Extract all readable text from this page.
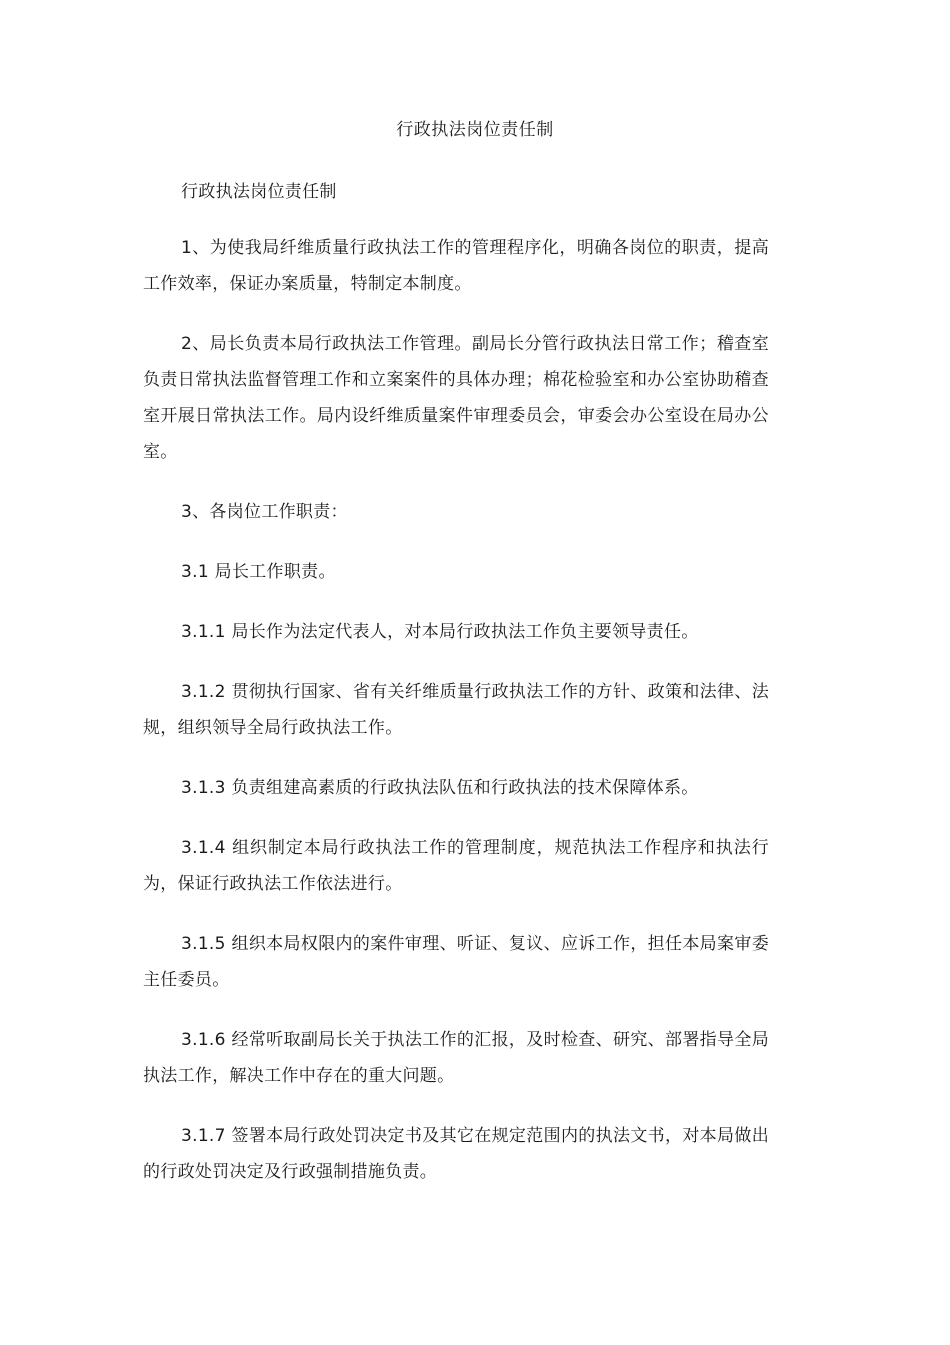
行政执法岗位责任制

行政执法岗位责任制

1、为使我局纤维质量行政执法工作的管理程序化，明确各岗位的职责，提高工作效率，保证办案质量，特制定本制度。

2、局长负责本局行政执法工作管理。副局长分管行政执法日常工作；稽查室负责日常执法监督管理工作和立案案件的具体办理；棉花检验室和办公室协助稽查室开展日常执法工作。局内设纤维质量案件审理委员会，审委会办公室设在局办公室。

3、各岗位工作职责：

3.1 局长工作职责。

3.1.1 局长作为法定代表人，对本局行政执法工作负主要领导责任。

3.1.2 贯彻执行国家、省有关纤维质量行政执法工作的方针、政策和法律、法规，组织领导全局行政执法工作。

3.1.3 负责组建高素质的行政执法队伍和行政执法的技术保障体系。

3.1.4 组织制定本局行政执法工作的管理制度，规范执法工作程序和执法行为，保证行政执法工作依法进行。

3.1.5 组织本局权限内的案件审理、听证、复议、应诉工作，担任本局案审委主任委员。

3.1.6 经常听取副局长关于执法工作的汇报，及时检查、研究、部署指导全局执法工作，解决工作中存在的重大问题。

3.1.7 签署本局行政处罚决定书及其它在规定范围内的执法文书，对本局做出的行政处罚决定及行政强制措施负责。
